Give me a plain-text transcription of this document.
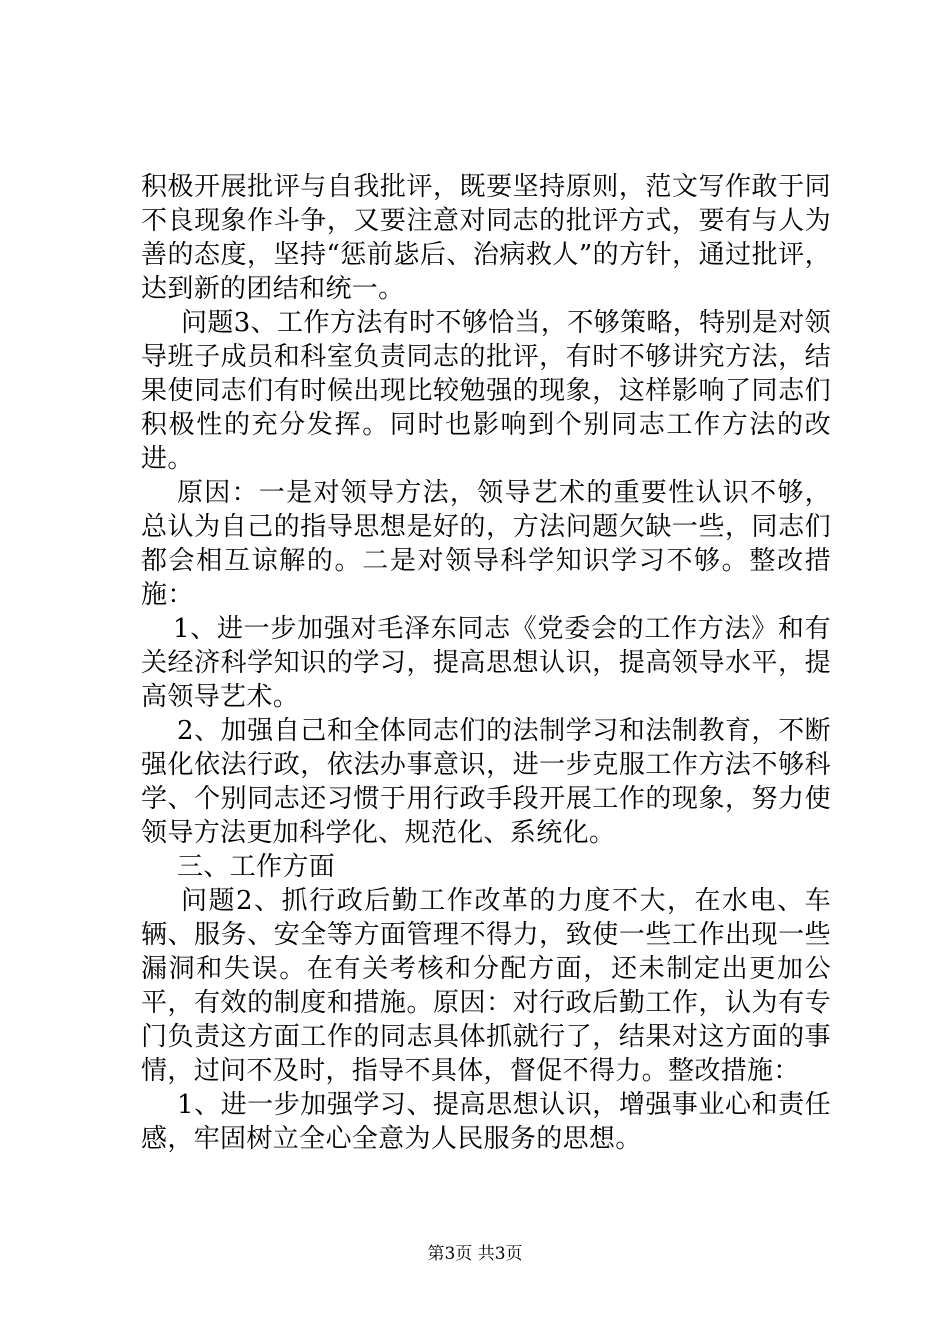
积极开展批评与自我批评，既要坚持原则，范文写作敢于同不良现象作斗争，又要注意对同志的批评方式，要有与人为善的态度，坚持“惩前毖后、治病救人”的方针，通过批评，达到新的团结和统一。

问题3、工作方法有时不够恰当，不够策略，特别是对领导班子成员和科室负责同志的批评，有时不够讲究方法，结果使同志们有时候出现比较勉强的现象，这样影响了同志们积极性的充分发挥。同时也影响到个别同志工作方法的改进。

原因：一是对领导方法，领导艺术的重要性认识不够，总认为自己的指导思想是好的，方法问题欠缺一些，同志们都会相互谅解的。二是对领导科学知识学习不够。整改措施：

1、进一步加强对毛泽东同志《党委会的工作方法》和有关经济科学知识的学习，提高思想认识，提高领导水平，提高领导艺术。

2、加强自己和全体同志们的法制学习和法制教育，不断强化依法行政，依法办事意识，进一步克服工作方法不够科学、个别同志还习惯于用行政手段开展工作的现象，努力使领导方法更加科学化、规范化、系统化。

三、工作方面

问题2、抓行政后勤工作改革的力度不大，在水电、车辆、服务、安全等方面管理不得力，致使一些工作出现一些漏洞和失误。在有关考核和分配方面，还未制定出更加公平，有效的制度和措施。原因：对行政后勤工作，认为有专门负责这方面工作的同志具体抓就行了，结果对这方面的事情，过问不及时，指导不具体，督促不得力。整改措施：

1、进一步加强学习、提高思想认识，增强事业心和责任感，牢固树立全心全意为人民服务的思想。

第3页 共3页
